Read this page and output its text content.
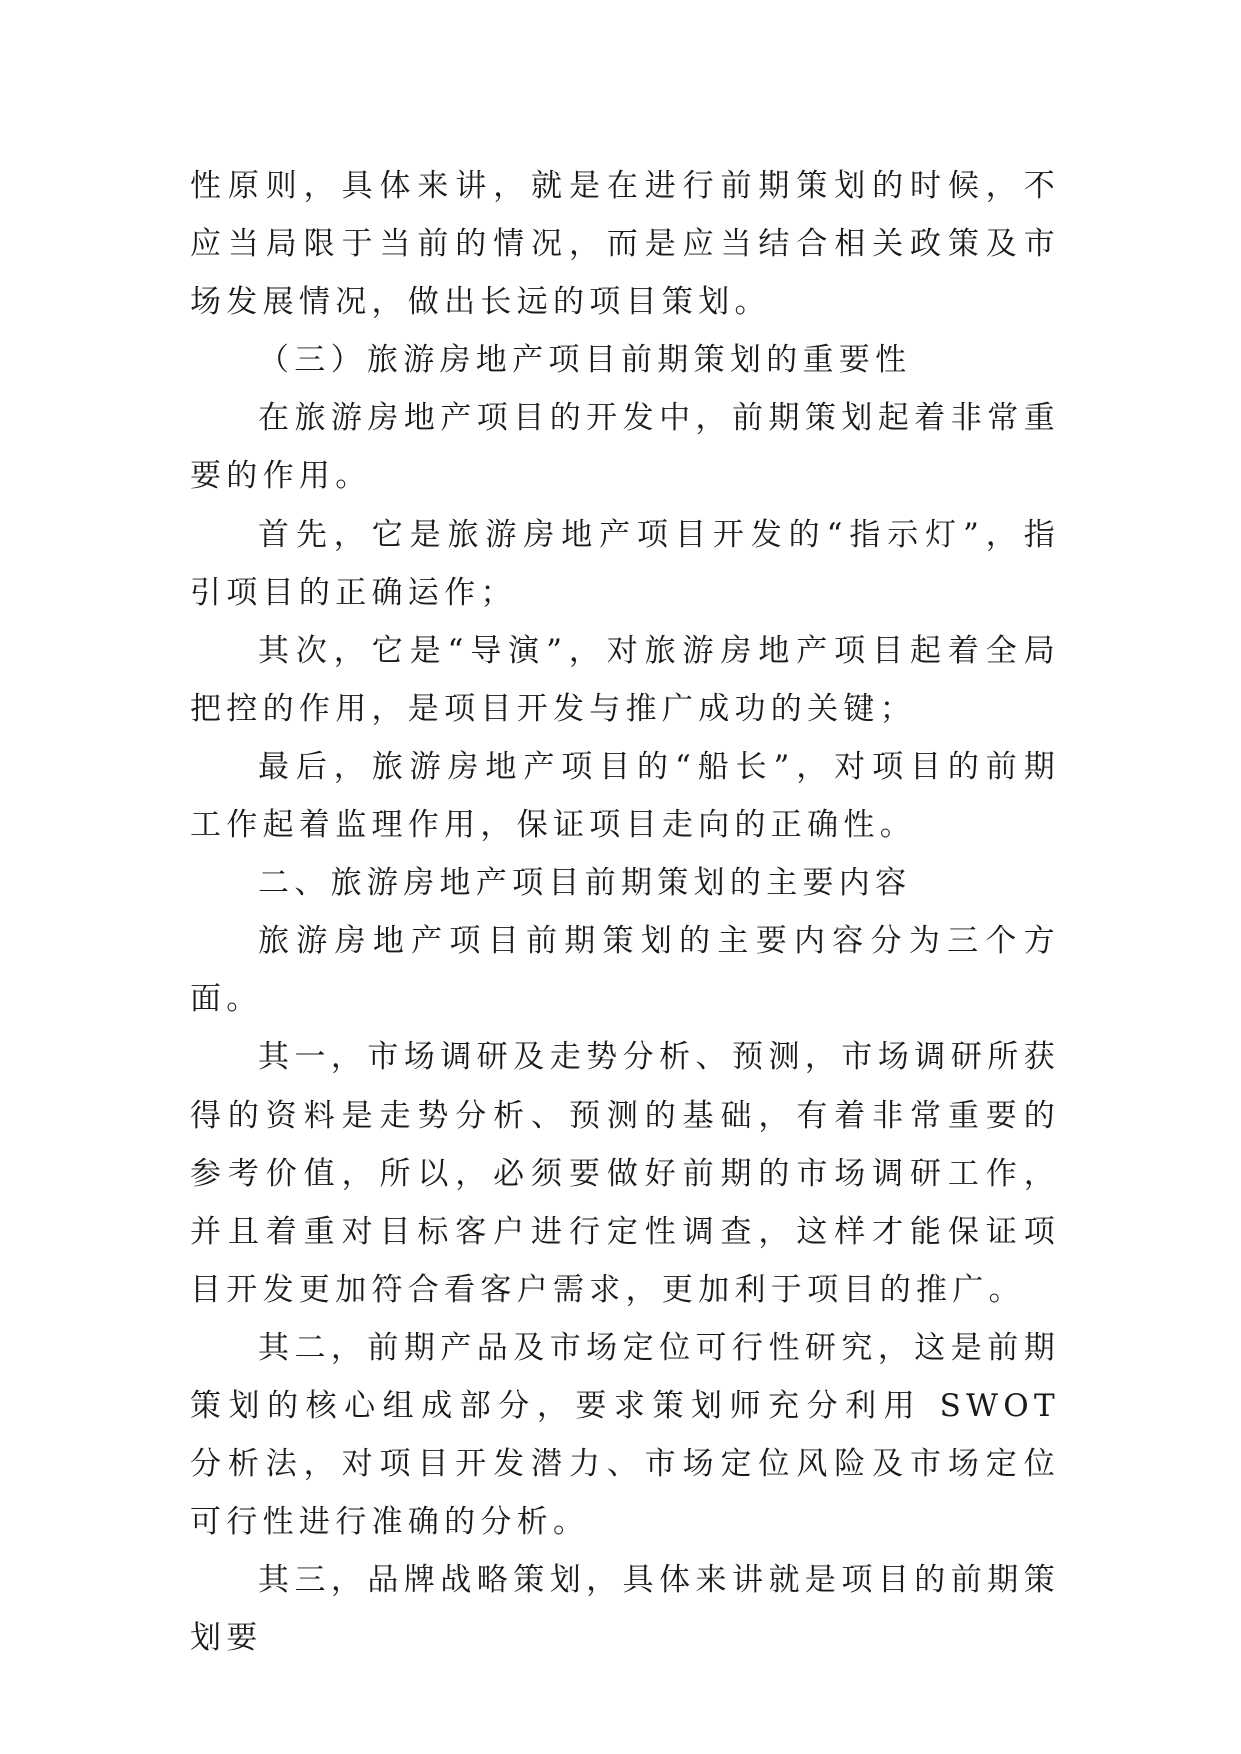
性原则，具体来讲，就是在进行前期策划的时候，不应当局限于当前的情况，而是应当结合相关政策及市场发展情况，做出长远的项目策划。

（三）旅游房地产项目前期策划的重要性

在旅游房地产项目的开发中，前期策划起着非常重要的作用。

首先，它是旅游房地产项目开发的“指示灯”，指引项目的正确运作；

其次，它是“导演”，对旅游房地产项目起着全局把控的作用，是项目开发与推广成功的关键；

最后，旅游房地产项目的“船长”，对项目的前期工作起着监理作用，保证项目走向的正确性。

二、旅游房地产项目前期策划的主要内容

旅游房地产项目前期策划的主要内容分为三个方面。

其一，市场调研及走势分析、预测，市场调研所获得的资料是走势分析、预测的基础，有着非常重要的参考价值，所以，必须要做好前期的市场调研工作，并且着重对目标客户进行定性调查，这样才能保证项目开发更加符合看客户需求，更加利于项目的推广。

其二，前期产品及市场定位可行性研究，这是前期策划的核心组成部分，要求策划师充分利用 SWOT 分析法，对项目开发潜力、市场定位风险及市场定位可行性进行准确的分析。

其三，品牌战略策划，具体来讲就是项目的前期策划要
